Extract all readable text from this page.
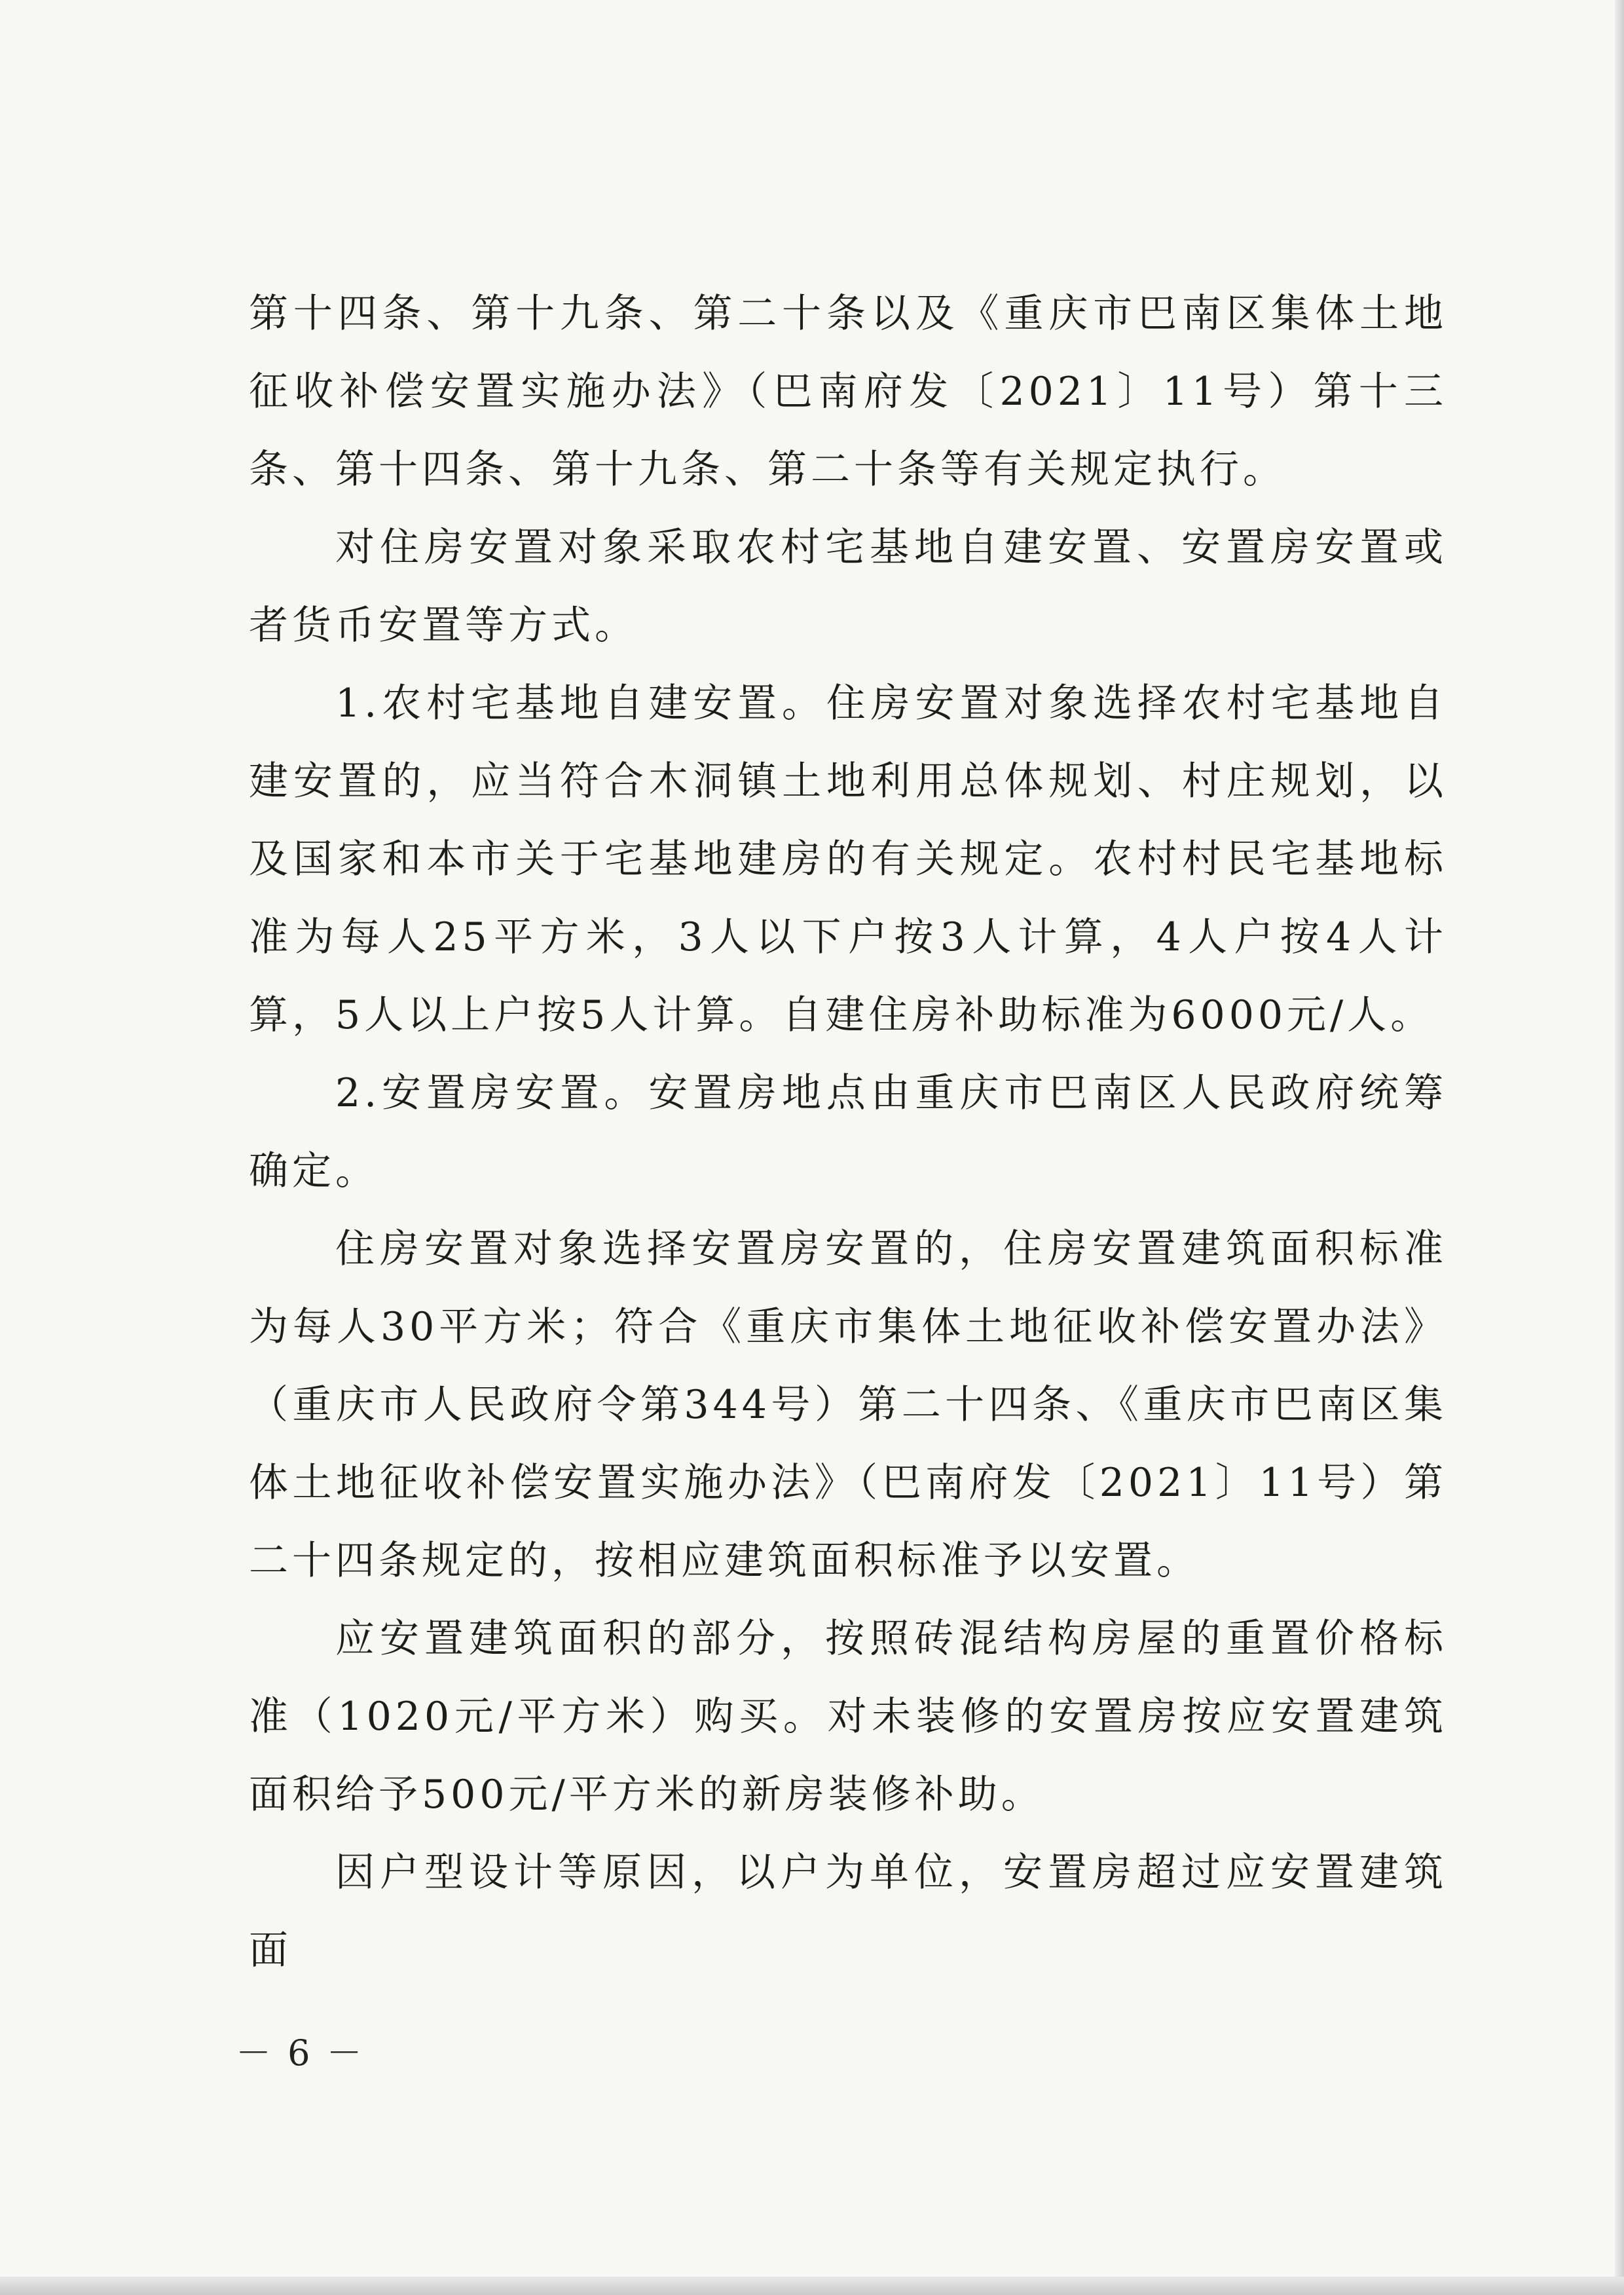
第十四条、第十九条、第二十条以及《重庆市巴南区集体土地征收补偿安置实施办法》（巴南府发〔2021〕11号）第十三条、第十四条、第十九条、第二十条等有关规定执行。

对住房安置对象采取农村宅基地自建安置、安置房安置或者货币安置等方式。

1.农村宅基地自建安置。住房安置对象选择农村宅基地自建安置的，应当符合木洞镇土地利用总体规划、村庄规划，以及国家和本市关于宅基地建房的有关规定。农村村民宅基地标准为每人25平方米，3人以下户按3人计算，4人户按4人计算，5人以上户按5人计算。自建住房补助标准为6000元/人。

2.安置房安置。安置房地点由重庆市巴南区人民政府统筹确定。

住房安置对象选择安置房安置的，住房安置建筑面积标准为每人30平方米；符合《重庆市集体土地征收补偿安置办法》（重庆市人民政府令第344号）第二十四条、《重庆市巴南区集体土地征收补偿安置实施办法》（巴南府发〔2021〕11号）第二十四条规定的，按相应建筑面积标准予以安置。

应安置建筑面积的部分，按照砖混结构房屋的重置价格标准（1020元/平方米）购买。对未装修的安置房按应安置建筑面积给予500元/平方米的新房装修补助。

因户型设计等原因，以户为单位，安置房超过应安置建筑面

－ 6 －
